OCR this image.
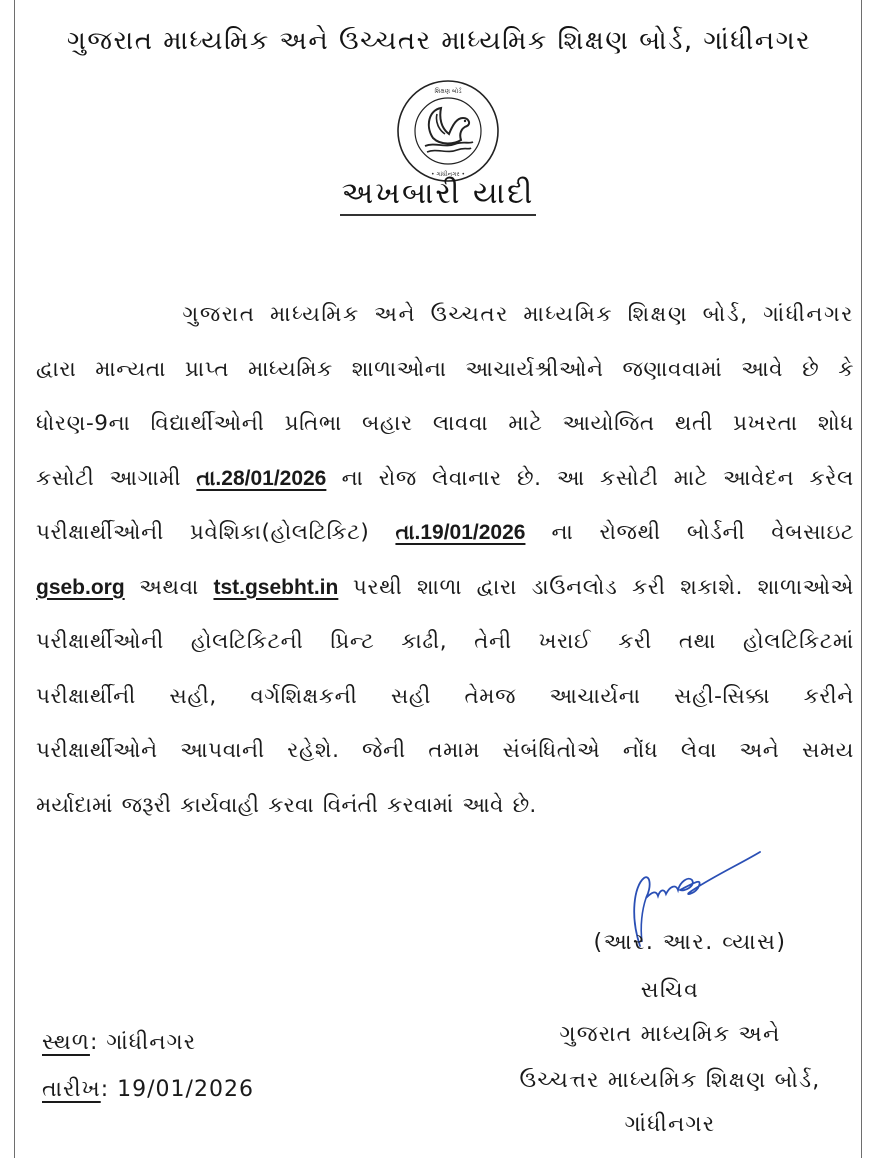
ગુજરાત માધ્યમિક અને ઉચ્ચતર માધ્યમિક શિક્ષણ બોર્ડ, ગાંધીનગર
શિક્ષણ બોર્ડ
• ગાંધીનગર •
અખબારી યાદી
ગુજરાત માધ્યમિક અને ઉચ્ચતર માધ્યમિક શિક્ષણ બોર્ડ, ગાંધીનગર
દ્વારા માન્યતા પ્રાપ્ત માધ્યમિક શાળાઓના આચાર્યશ્રીઓને જણાવવામાં આવે છે કે
ધોરણ-9ના વિદ્યાર્થીઓની પ્રતિભા બહાર લાવવા માટે આયોજિત થતી પ્રખરતા શોધ
કસોટી આગામી તા.28/01/2026 ના રોજ લેવાનાર છે. આ કસોટી માટે આવેદન કરેલ
પરીક્ષાર્થીઓની પ્રવેશિકા(હોલટિકિટ) તા.19/01/2026 ના રોજથી બોર્ડની વેબસાઇટ
gseb.org અથવા tst.gsebht.in પરથી શાળા દ્વારા ડાઉનલોડ કરી શકાશે. શાળાઓએ
પરીક્ષાર્થીઓની હોલટિકિટની પ્રિન્ટ કાઢી, તેની ખરાઈ કરી તથા હોલટિકિટમાં
પરીક્ષાર્થીની સહી, વર્ગશિક્ષકની સહી તેમજ આચાર્યના સહી-સિક્કા કરીને
પરીક્ષાર્થીઓને આપવાની રહેશે. જેની તમામ સંબંધિતોએ નોંધ લેવા અને સમય
મર્યાદામાં જરૂરી કાર્યવાહી કરવા વિનંતી કરવામાં આવે છે.
(આર. આર. વ્યાસ)
સચિવ
સ્થળ: ગાંધીનગર
તારીખ: 19/01/2026
ગુજરાત માધ્યમિક અને
ઉચ્ચત્તર માધ્યમિક શિક્ષણ બોર્ડ,
ગાંધીનગર
